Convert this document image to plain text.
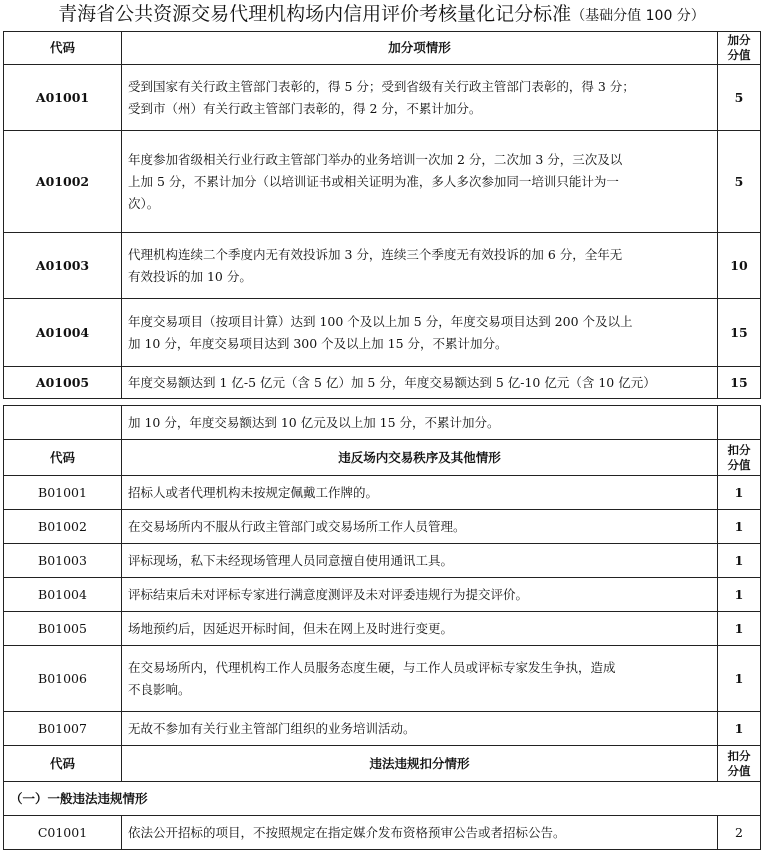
青海省公共资源交易代理机构场内信用评价考核量化记分标准（基础分值 100 分）
代码	加分项情形	加分
分值
A01001	受到国家有关行政主管部门表彰的，得 5 分；受到省级有关行政主管部门表彰的，得 3 分；
受到市（州）有关行政主管部门表彰的，得 2 分，不累计加分。	5
A01002	年度参加省级相关行业行政主管部门举办的业务培训一次加 2 分，二次加 3 分，三次及以
上加 5 分，不累计加分（以培训证书或相关证明为准，多人多次参加同一培训只能计为一
次）。	5
A01003	代理机构连续二个季度内无有效投诉加 3 分，连续三个季度无有效投诉的加 6 分，全年无
有效投诉的加 10 分。	10
A01004	年度交易项目（按项目计算）达到 100 个及以上加 5 分，年度交易项目达到 200 个及以上
加 10 分，年度交易项目达到 300 个及以上加 15 分，不累计加分。	15
A01005	年度交易额达到 1 亿-5 亿元（含 5 亿）加 5 分，年度交易额达到 5 亿-10 亿元（含 10 亿元）	15
	加 10 分，年度交易额达到 10 亿元及以上加 15 分，不累计加分。	
代码	违反场内交易秩序及其他情形	扣分
分值
B01001	招标人或者代理机构未按规定佩戴工作牌的。	1
B01002	在交易场所内不服从行政主管部门或交易场所工作人员管理。	1
B01003	评标现场，私下未经现场管理人员同意擅自使用通讯工具。	1
B01004	评标结束后未对评标专家进行满意度测评及未对评委违规行为提交评价。	1
B01005	场地预约后，因延迟开标时间，但未在网上及时进行变更。	1
B01006	在交易场所内，代理机构工作人员服务态度生硬，与工作人员或评标专家发生争执，造成
不良影响。	1
B01007	无故不参加有关行业主管部门组织的业务培训活动。	1
代码	违法违规扣分情形	扣分
分值
（一）一般违法违规情形		
C01001	依法公开招标的项目，不按照规定在指定媒介发布资格预审公告或者招标公告。	2
